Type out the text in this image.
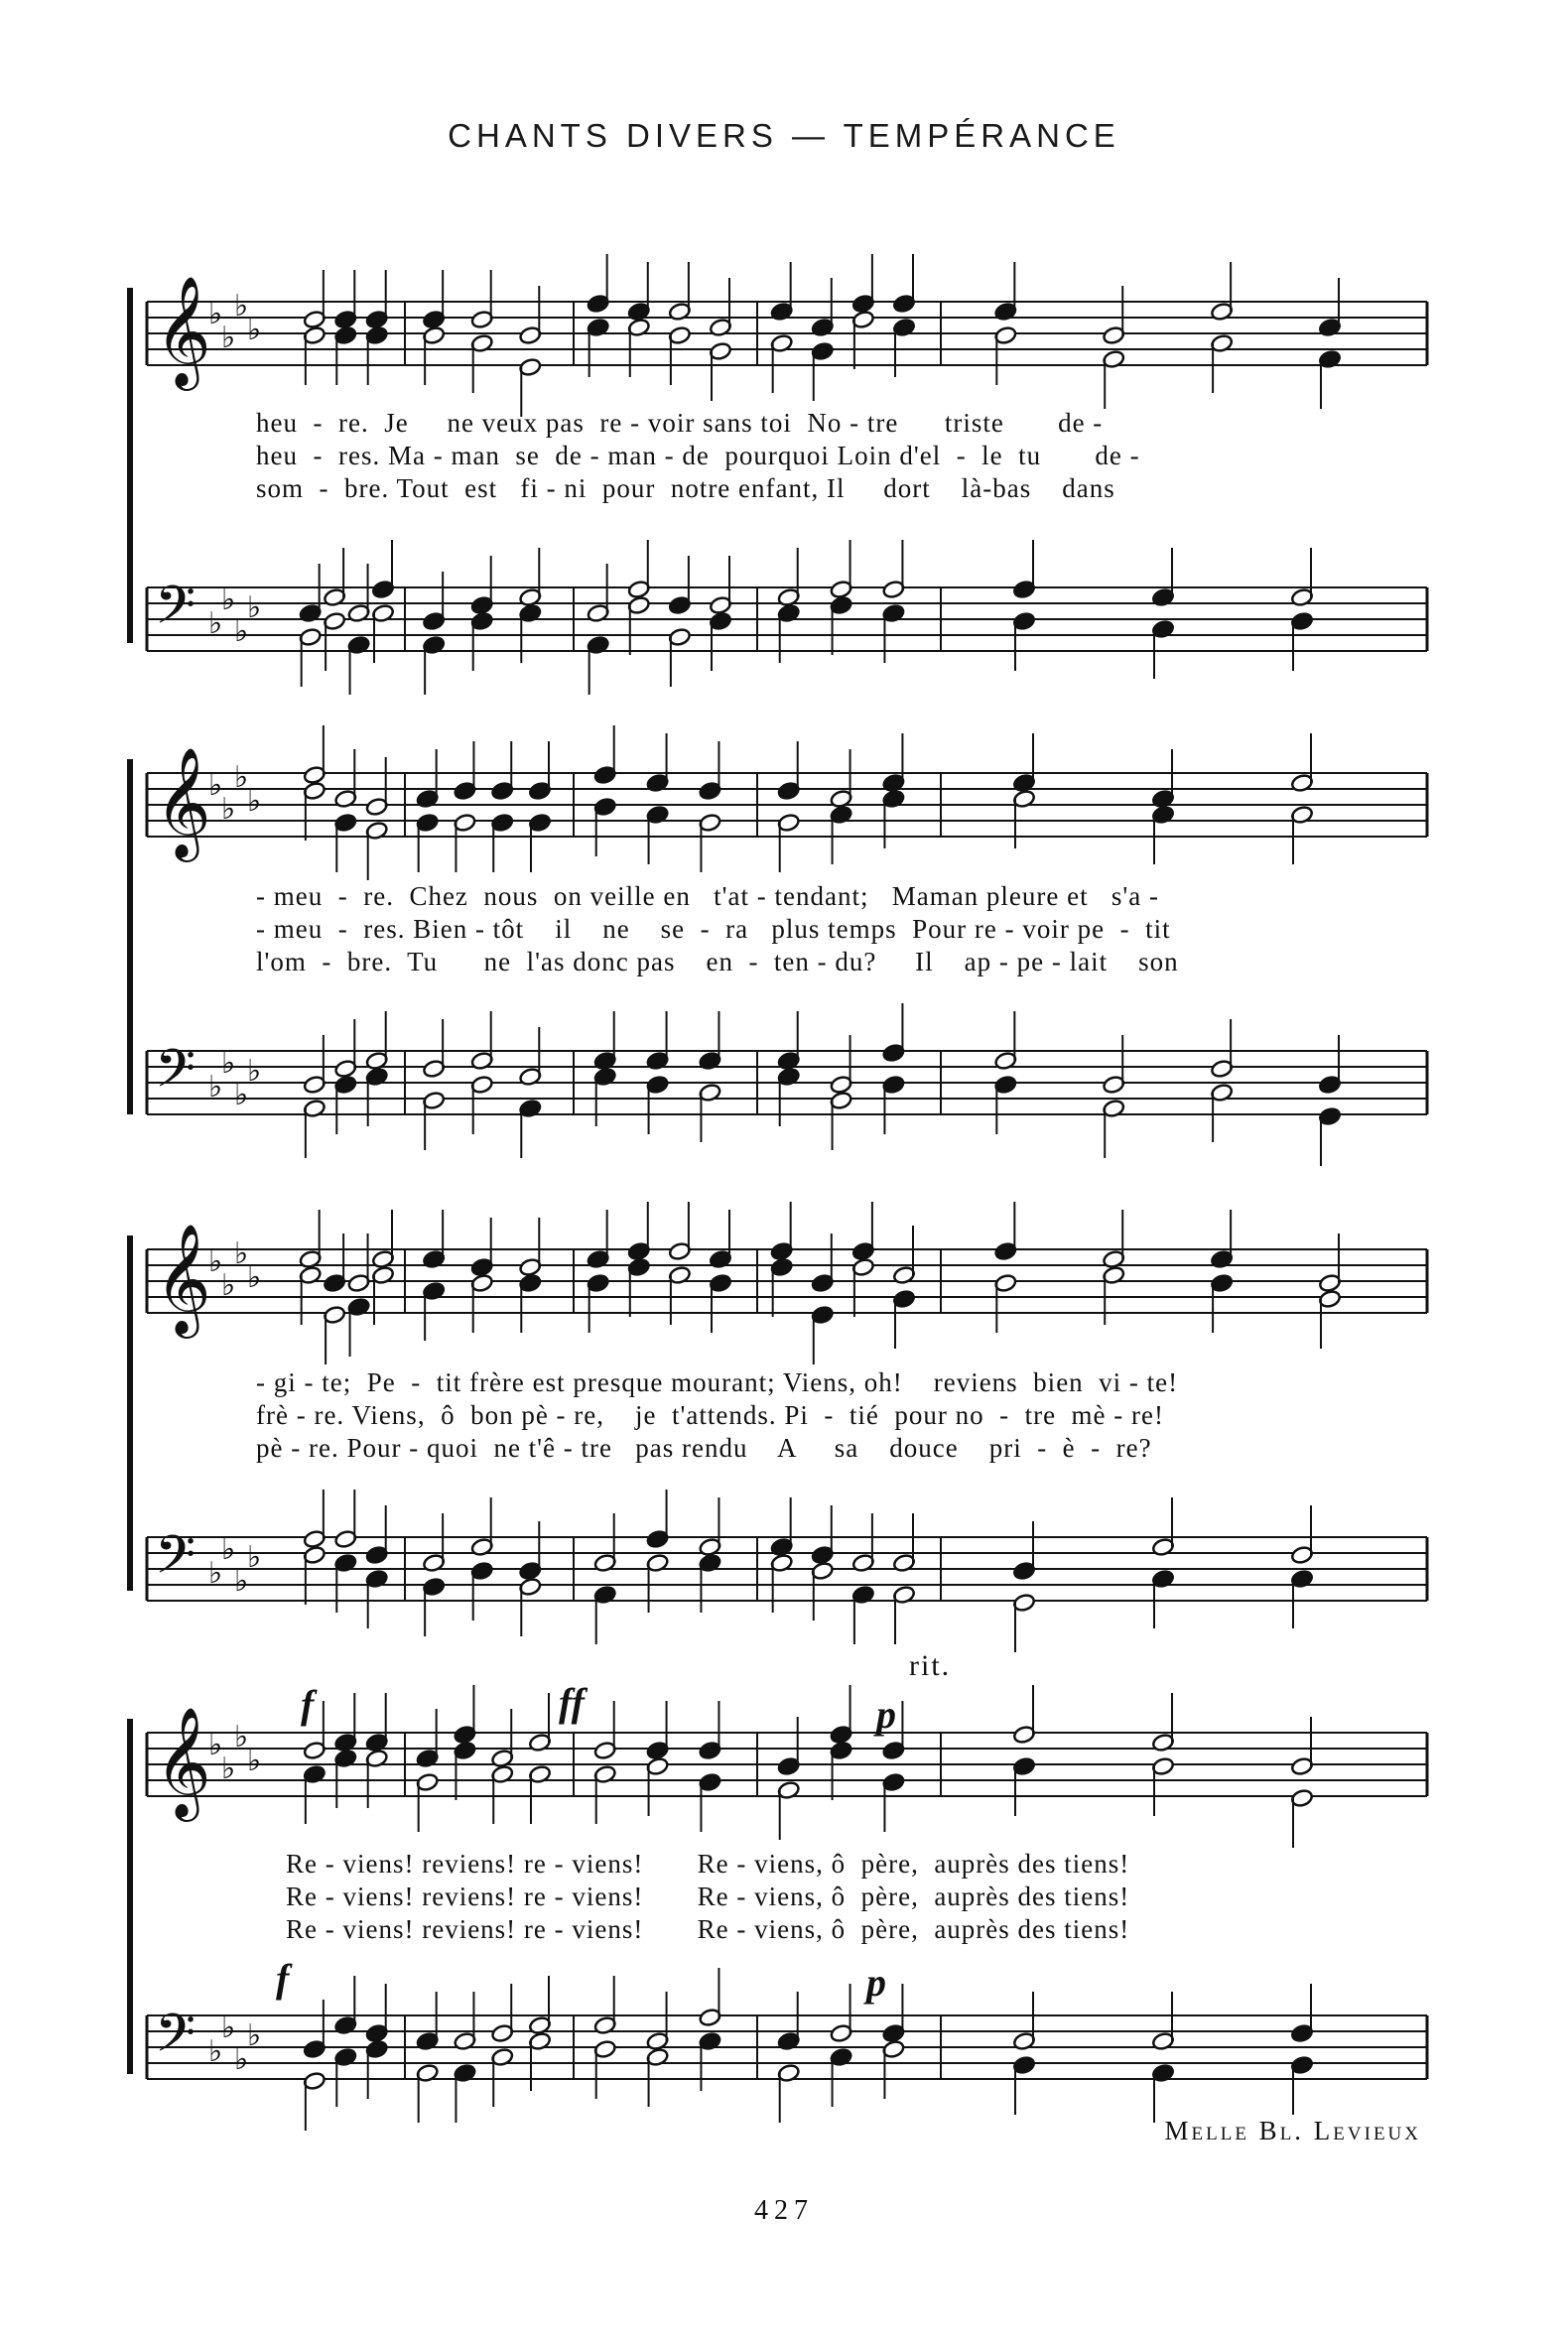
CHANTS DIVERS — TEMPÉRANCE
𝄞
♭
♭
♭
♭
heu  -  re.  Je     ne veux pas  re - voir sans toi  No - tre      triste       de -
heu  -  res. Ma - man  se  de - man - de  pourquoi Loin d'el  -  le  tu       de -
som  -  bre. Tout  est   fi - ni  pour  notre enfant, Il     dort    là-bas    dans
𝄢 ♭
♭
♭
♭
𝄞
♭
♭
♭
♭
- meu  -  re.  Chez  nous  on veille en   t'at - tendant;   Maman pleure et   s'a -
- meu  -  res. Bien - tôt    il    ne    se  -  ra   plus temps  Pour re - voir pe  -  tit
l'om  -  bre.  Tu      ne  l'as donc pas    en  -  ten - du?     Il    ap - pe - lait    son
𝄢 ♭
♭
♭
♭
𝄞
♭
♭
♭
♭
- gi - te;  Pe  -  tit frère est presque mourant; Viens, oh!    reviens  bien  vi - te!
frè - re. Viens,  ô  bon pè - re,    je  t'attends. Pi  -  tié  pour no  -  tre  mè - re!
pè - re. Pour - quoi  ne t'ê - tre   pas rendu    A     sa    douce    pri  -  è  -  re?
𝄢 ♭
♭
♭
♭
f	ff	p
rit.
𝄞
♭
♭
♭
♭
Re - viens! reviens! re - viens!       Re - viens, ô  père,  auprès des tiens!
Re - viens! reviens! re - viens!       Re - viens, ô  père,  auprès des tiens!
Re - viens! reviens! re - viens!       Re - viens, ô  père,  auprès des tiens!
f	p
𝄢 ♭
♭
♭
♭
Melle Bl. Levieux
427
